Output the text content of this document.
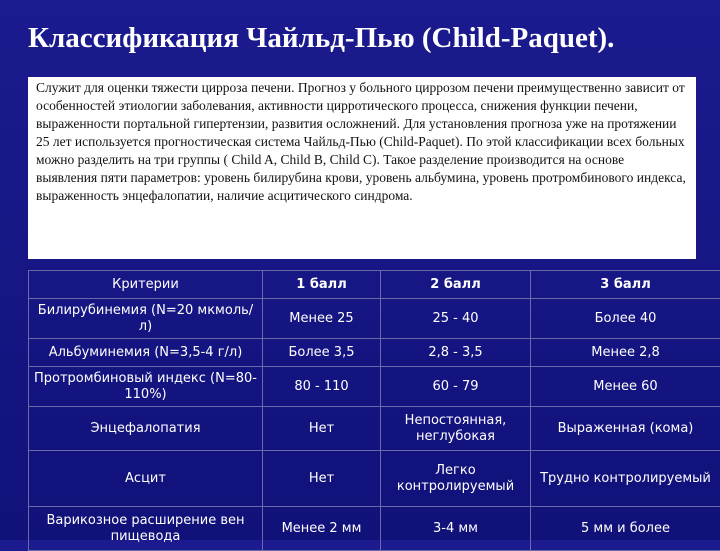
Классификация Чайльд-Пью (Child-Paquet).
Служит для оценки тяжести цирроза печени. Прогноз у больного циррозом печени преимущественно зависит от особенностей этиологии заболевания, активности цирротического процесса, снижения функции печени, выраженности портальной гипертензии, развития осложнений. Для установления прогноза уже на протяжении 25 лет используется прогностическая система Чайльд-Пью (Child-Paquet). По этой классификации всех больных можно разделить на три группы ( Child A, Child B, Child C). Такое разделение производится на основе выявления пяти параметров: уровень билирубина крови, уровень альбумина, уровень протромбинового индекса, выраженность энцефалопатии, наличие асцитического синдрома.
Критерии	1 балл	2 балл	3 балл
Билирубинемия (N=20 мкмоль/л)	Менее 25	25 - 40	Более 40
Альбуминемия (N=3,5-4 г/л)	Более 3,5	2,8 - 3,5	Менее 2,8
Протромбиновый индекс (N=80-110%)	80 - 110	60 - 79	Менее 60
Энцефалопатия	Нет	Непостоянная, неглубокая	Выраженная (кома)
Асцит	Нет	Легко контролируемый	Трудно контролируемый
Варикозное расширение вен пищевода	Менее 2 мм	3-4 мм	5 мм и более
